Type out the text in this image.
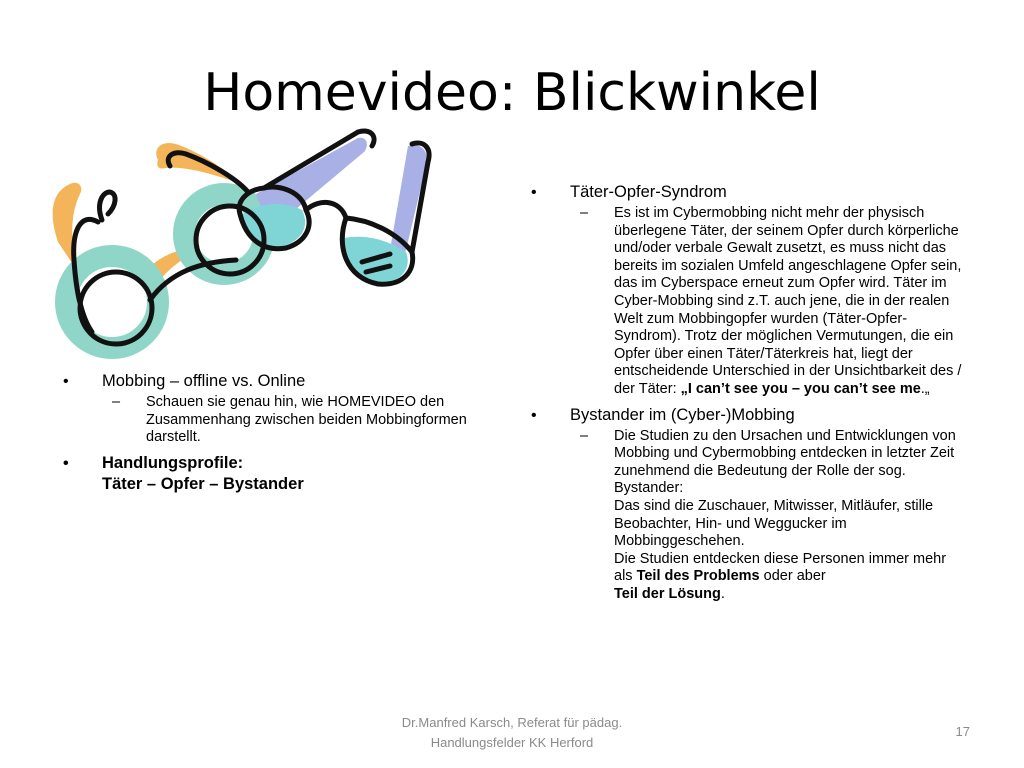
Homevideo: Blickwinkel
• Mobbing – offline vs. Online
– Schauen sie genau hin, wie HOMEVIDEO den Zusammenhang zwischen beiden Mobbingformen darstellt.
• Handlungsprofile:
Täter – Opfer – Bystander
• Täter-Opfer-Syndrom
– Es ist im Cybermobbing nicht mehr der physisch überlegene Täter, der seinem Opfer durch körperliche und/oder verbale Gewalt zusetzt, es muss nicht das bereits im sozialen Umfeld angeschlagene Opfer sein, das im Cyberspace erneut zum Opfer wird. Täter im Cyber-Mobbing sind z.T. auch jene, die in der realen Welt zum Mobbingopfer wurden (Täter-Opfer-Syndrom). Trotz der möglichen Vermutungen, die ein Opfer über einen Täter/Täterkreis hat, liegt der entscheidende Unterschied in der Unsichtbarkeit des / der Täter: „I can’t see you – you can’t see me.„
• Bystander im (Cyber-)Mobbing
– Die Studien zu den Ursachen und Entwicklungen von Mobbing und Cybermobbing entdecken in letzter Zeit zunehmend die Bedeutung der Rolle der sog. Bystander:
Das sind die Zuschauer, Mitwisser, Mitläufer, stille Beobachter, Hin- und Weggucker im Mobbinggeschehen.
Die Studien entdecken diese Personen immer mehr als Teil des Problems oder aber
Teil der Lösung.
Dr.Manfred Karsch, Referat für pädag.
Handlungsfelder KK Herford
17
